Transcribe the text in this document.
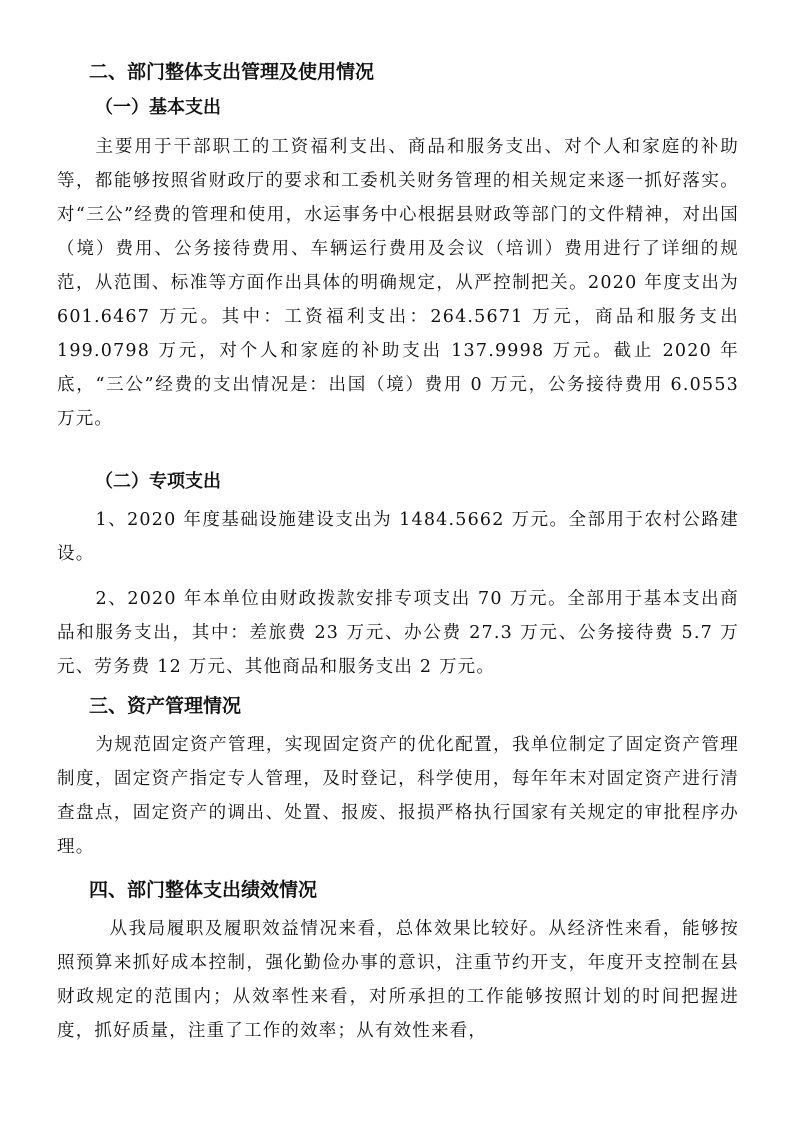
二、部门整体支出管理及使用情况
（一）基本支出

主要用于干部职工的工资福利支出、商品和服务支出、对个人和家庭的补助等，都能够按照省财政厅的要求和工委机关财务管理的相关规定来逐一抓好落实。对“三公”经费的管理和使用，水运事务中心根据县财政等部门的文件精神，对出国（境）费用、公务接待费用、车辆运行费用及会议（培训）费用进行了详细的规范，从范围、标准等方面作出具体的明确规定，从严控制把关。2020 年度支出为 601.6467 万元。其中：工资福利支出：264.5671 万元，商品和服务支出 199.0798 万元，对个人和家庭的补助支出 137.9998 万元。截止 2020 年底，“三公”经费的支出情况是：出国（境）费用 0 万元，公务接待费用 6.0553 万元。

（二）专项支出

1、2020 年度基础设施建设支出为 1484.5662 万元。全部用于农村公路建设。

2、2020 年本单位由财政拨款安排专项支出 70 万元。全部用于基本支出商品和服务支出，其中：差旅费 23 万元、办公费 27.3 万元、公务接待费 5.7 万元、劳务费 12 万元、其他商品和服务支出 2 万元。

三、资产管理情况

为规范固定资产管理，实现固定资产的优化配置，我单位制定了固定资产管理制度，固定资产指定专人管理，及时登记，科学使用，每年年末对固定资产进行清查盘点，固定资产的调出、处置、报废、报损严格执行国家有关规定的审批程序办理。

四、部门整体支出绩效情况

从我局履职及履职效益情况来看，总体效果比较好。从经济性来看，能够按照预算来抓好成本控制，强化勤俭办事的意识，注重节约开支，年度开支控制在县财政规定的范围内；从效率性来看，对所承担的工作能够按照计划的时间把握进度，抓好质量，注重了工作的效率；从有效性来看，
